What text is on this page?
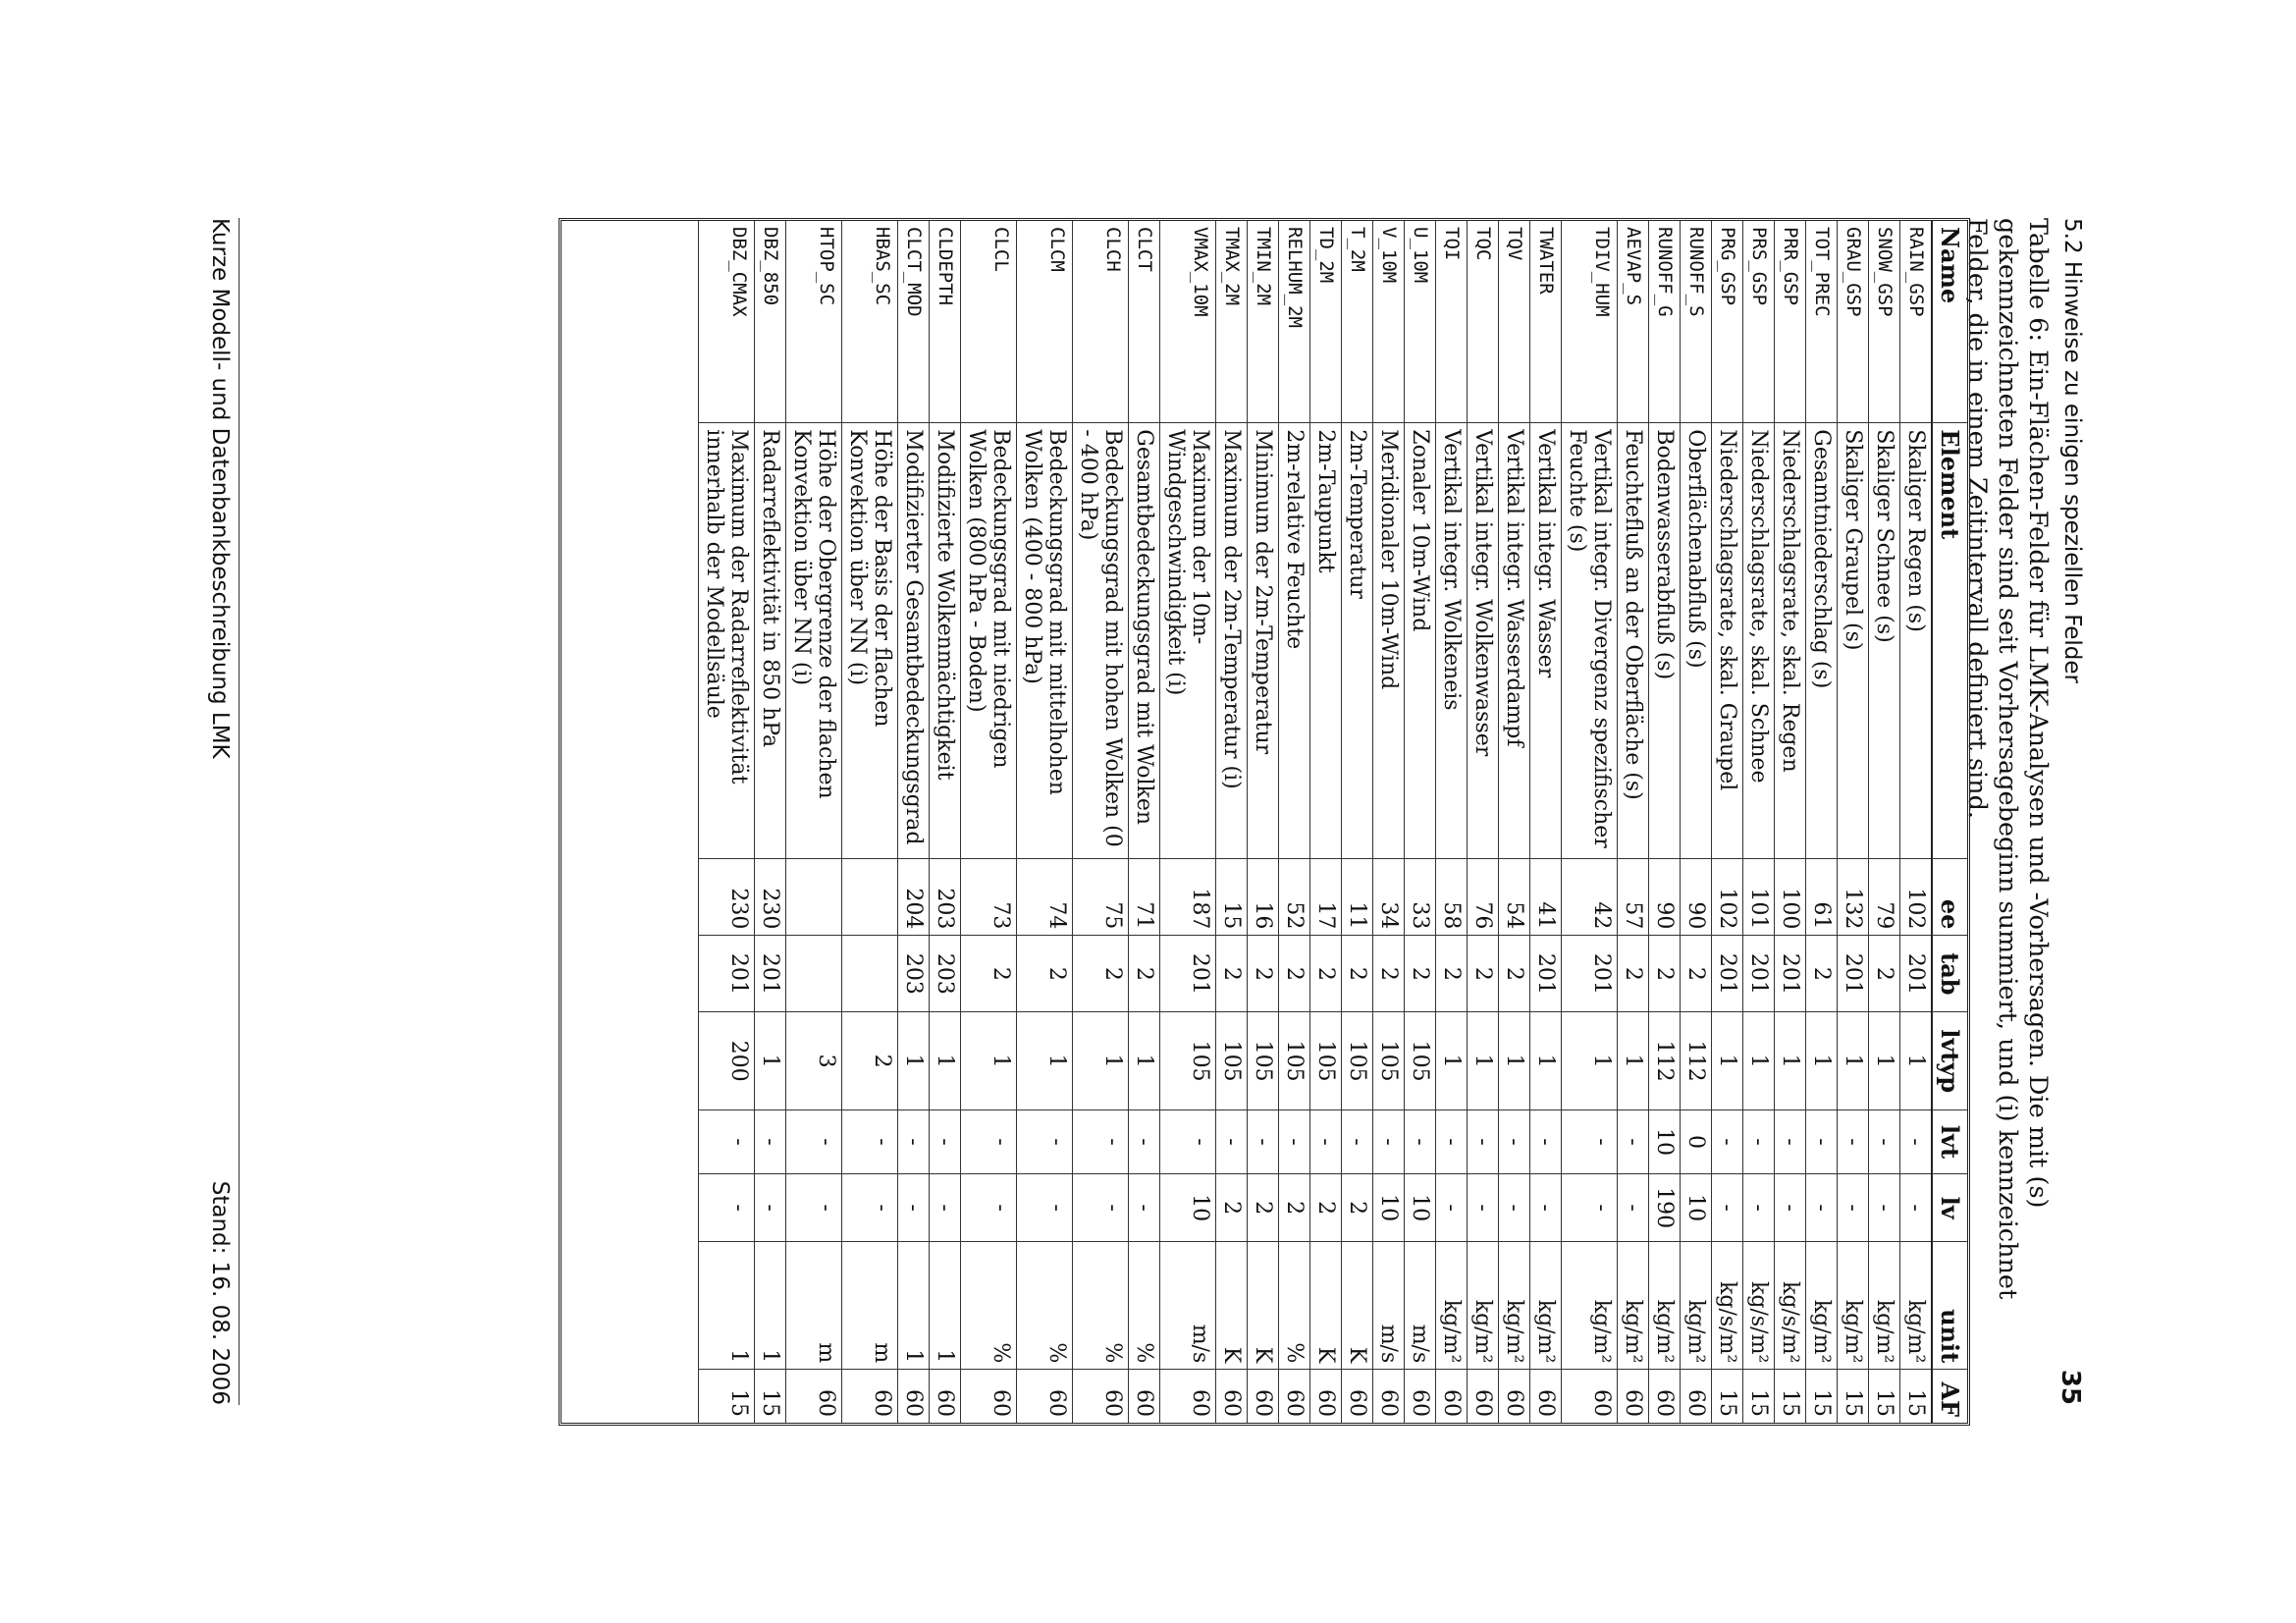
5.2 Hinweise zu einigen speziellen Felder
35
Tabelle 6: Ein-Flächen-Felder für LMK-Analysen und -Vorhersagen. Die mit (s) gekennzeichneten Felder sind seit Vorhersagebeginn summiert, und (i) kennzeichnet Felder, die in einem Zeitintervall definiert sind.
Name	Element	ee	tab	lvtyp	lvt	lv	unit	AF
RAIN_GSP	Skaliger Regen (s)	102	201	1	-	-	kg/m²	15
SNOW_GSP	Skaliger Schnee (s)	79	2	1	-	-	kg/m²	15
GRAU_GSP	Skaliger Graupel (s)	132	201	1	-	-	kg/m²	15
TOT_PREC	Gesamtniederschlag (s)	61	2	1	-	-	kg/m²	15
PRR_GSP	Niederschlagsrate, skal. Regen	100	201	1	-	-	kg/s/m²	15
PRS_GSP	Niederschlagsrate, skal. Schnee	101	201	1	-	-	kg/s/m²	15
PRG_GSP	Niederschlagsrate, skal. Graupel	102	201	1	-	-	kg/s/m²	15
RUNOFF_S	Oberflächenabfluß (s)	90	2	112	0	10	kg/m²	60
RUNOFF_G	Bodenwasserabfluß (s)	90	2	112	10	190	kg/m²	60
AEVAP_S	Feuchtefluß an der Oberfläche (s)	57	2	1	-	-	kg/m²	60
TDIV_HUM	Vertikal integr. Divergenz spezifischer Feuchte (s)	42	201	1	-	-	kg/m²	60
TWATER	Vertikal integr. Wasser	41	201	1	-	-	kg/m²	60
TQV	Vertikal integr. Wasserdampf	54	2	1	-	-	kg/m²	60
TQC	Vertikal integr. Wolkenwasser	76	2	1	-	-	kg/m²	60
TQI	Vertikal integr. Wolkeneis	58	2	1	-	-	kg/m²	60
U_10M	Zonaler 10m-Wind	33	2	105	-	10	m/s	60
V_10M	Meridionaler 10m-Wind	34	2	105	-	10	m/s	60
T_2M	2m-Temperatur	11	2	105	-	2	K	60
TD_2M	2m-Taupunkt	17	2	105	-	2	K	60
RELHUM_2M	2m-relative Feuchte	52	2	105	-	2	%	60
TMIN_2M	Minimum der 2m-Temperatur	16	2	105	-	2	K	60
TMAX_2M	Maximum der 2m-Temperatur (i)	15	2	105	-	2	K	60
VMAX_10M	Maximum der 10m-Windgeschwindigkeit (i)	187	201	105	-	10	m/s	60
CLCT	Gesamtbedeckungsgrad mit Wolken	71	2	1	-	-	%	60
CLCH	Bedeckungsgrad mit hohen Wolken (0 - 400 hPa)	75	2	1	-	-	%	60
CLCM	Bedeckungsgrad mit mittelhohen Wolken (400 - 800 hPa)	74	2	1	-	-	%	60
CLCL	Bedeckungsgrad mit niedrigen Wolken (800 hPa - Boden)	73	2	1	-	-	%	60
CLDEPTH	Modifizierte Wolkenmächtigkeit	203	203	1	-	-	1	60
CLCT_MOD	Modifizierter Gesamtbedeckungsgrad	204	203	1	-	-	1	60
HBAS_SC	Höhe der Basis der flachen Konvektion über NN (i)			2	-	-	m	60
HTOP_SC	Höhe der Obergrenze der flachen Konvektion über NN (i)			3	-	-	m	60
DBZ_850	Radarreflektivität in 850 hPa	230	201	1	-	-	1	15
DBZ_CMAX	Maximum der Radarreflektivität innerhalb der Modellsäule	230	201	200	-	-	1	15
Kurze Modell- und Datenbankbeschreibung LMK
Stand: 16. 08. 2006
